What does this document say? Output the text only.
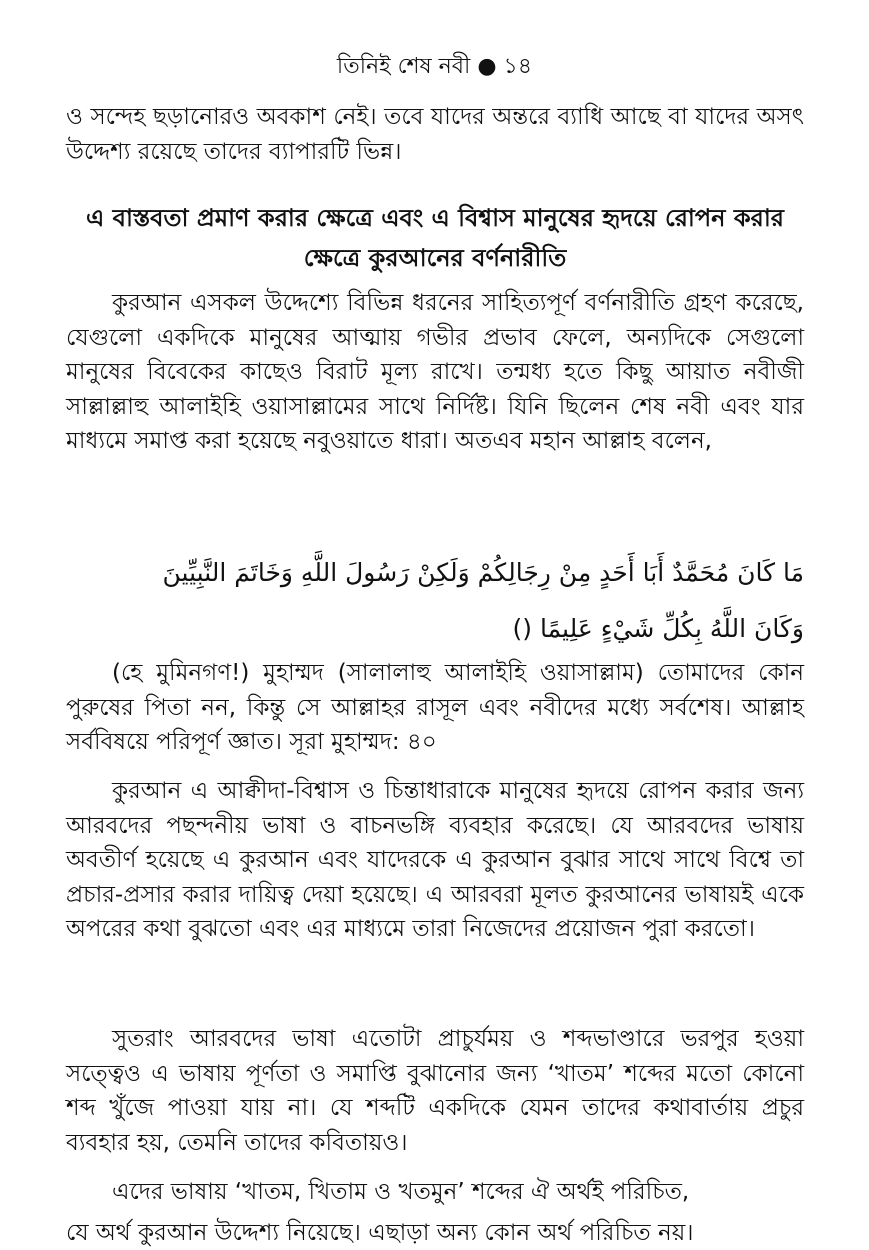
তিনিই শেষ নবী ● ১৪

ও সন্দেহ ছড়ানোরও অবকাশ নেই। তবে যাদের অন্তরে ব্যাধি আছে বা যাদের অসৎ উদ্দেশ্য রয়েছে তাদের ব্যাপারটি ভিন্ন।

এ বাস্তবতা প্রমাণ করার ক্ষেত্রে এবং এ বিশ্বাস মানুষের হৃদয়ে রোপন করার ক্ষেত্রে কুরআনের বর্ণনারীতি

কুরআন এসকল উদ্দেশ্যে বিভিন্ন ধরনের সাহিত্যপূর্ণ বর্ণনারীতি গ্রহণ করেছে, যেগুলো একদিকে মানুষের আত্মায় গভীর প্রভাব ফেলে, অন্যদিকে সেগুলো মানুষের বিবেকের কাছেও বিরাট মূল্য রাখে। তন্মধ্য হতে কিছু আয়াত নবীজী সাল্লাল্লাহু আলাইহি ওয়াসাল্লামের সাথে নির্দিষ্ট। যিনি ছিলেন শেষ নবী এবং যার মাধ্যমে সমাপ্ত করা হয়েছে নবুওয়াতে ধারা। অতএব মহান আল্লাহ বলেন,

مَا كَانَ مُحَمَّدٌ أَبَا أَحَدٍ مِنْ رِجَالِكُمْ وَلَكِنْ رَسُولَ اللَّهِ وَخَاتَمَ النَّبِيِّينَ
وَكَانَ اللَّهُ بِكُلِّ شَيْءٍ عَلِيمًا ()

(হে মুমিনগণ!) মুহাম্মদ (সালালাহু আলাইহি ওয়াসাল্লাম) তোমাদের কোন পুরুষের পিতা নন, কিন্তু সে আল্লাহর রাসূল এবং নবীদের মধ্যে সর্বশেষ। আল্লাহ সর্ববিষয়ে পরিপূর্ণ জ্ঞাত। সূরা মুহাম্মদ: ৪০

কুরআন এ আক্বীদা-বিশ্বাস ও চিন্তাধারাকে মানুষের হৃদয়ে রোপন করার জন্য আরবদের পছন্দনীয় ভাষা ও বাচনভঙ্গি ব্যবহার করেছে। যে আরবদের ভাষায় অবতীর্ণ হয়েছে এ কুরআন এবং যাদেরকে এ কুরআন বুঝার সাথে সাথে বিশ্বে তা প্রচার-প্রসার করার দায়িত্ব দেয়া হয়েছে। এ আরবরা মূলত কুরআনের ভাষায়ই একে অপরের কথা বুঝতো এবং এর মাধ্যমে তারা নিজেদের প্রয়োজন পুরা করতো।

সুতরাং আরবদের ভাষা এতোটা প্রাচুর্যময় ও শব্দভাণ্ডারে ভরপুর হওয়া সত্ত্বেও এ ভাষায় পূর্ণতা ও সমাপ্তি বুঝানোর জন্য ‘খাতম’ শব্দের মতো কোনো শব্দ খুঁজে পাওয়া যায় না। যে শব্দটি একদিকে যেমন তাদের কথাবার্তায় প্রচুর ব্যবহার হয়, তেমনি তাদের কবিতায়ও।

এদের ভাষায় ‘খাতম, খিতাম ও খতমুন’ শব্দের ঐ অর্থই পরিচিত,

যে অর্থ কুরআন উদ্দেশ্য নিয়েছে। এছাড়া অন্য কোন অর্থ পরিচিত নয়।
